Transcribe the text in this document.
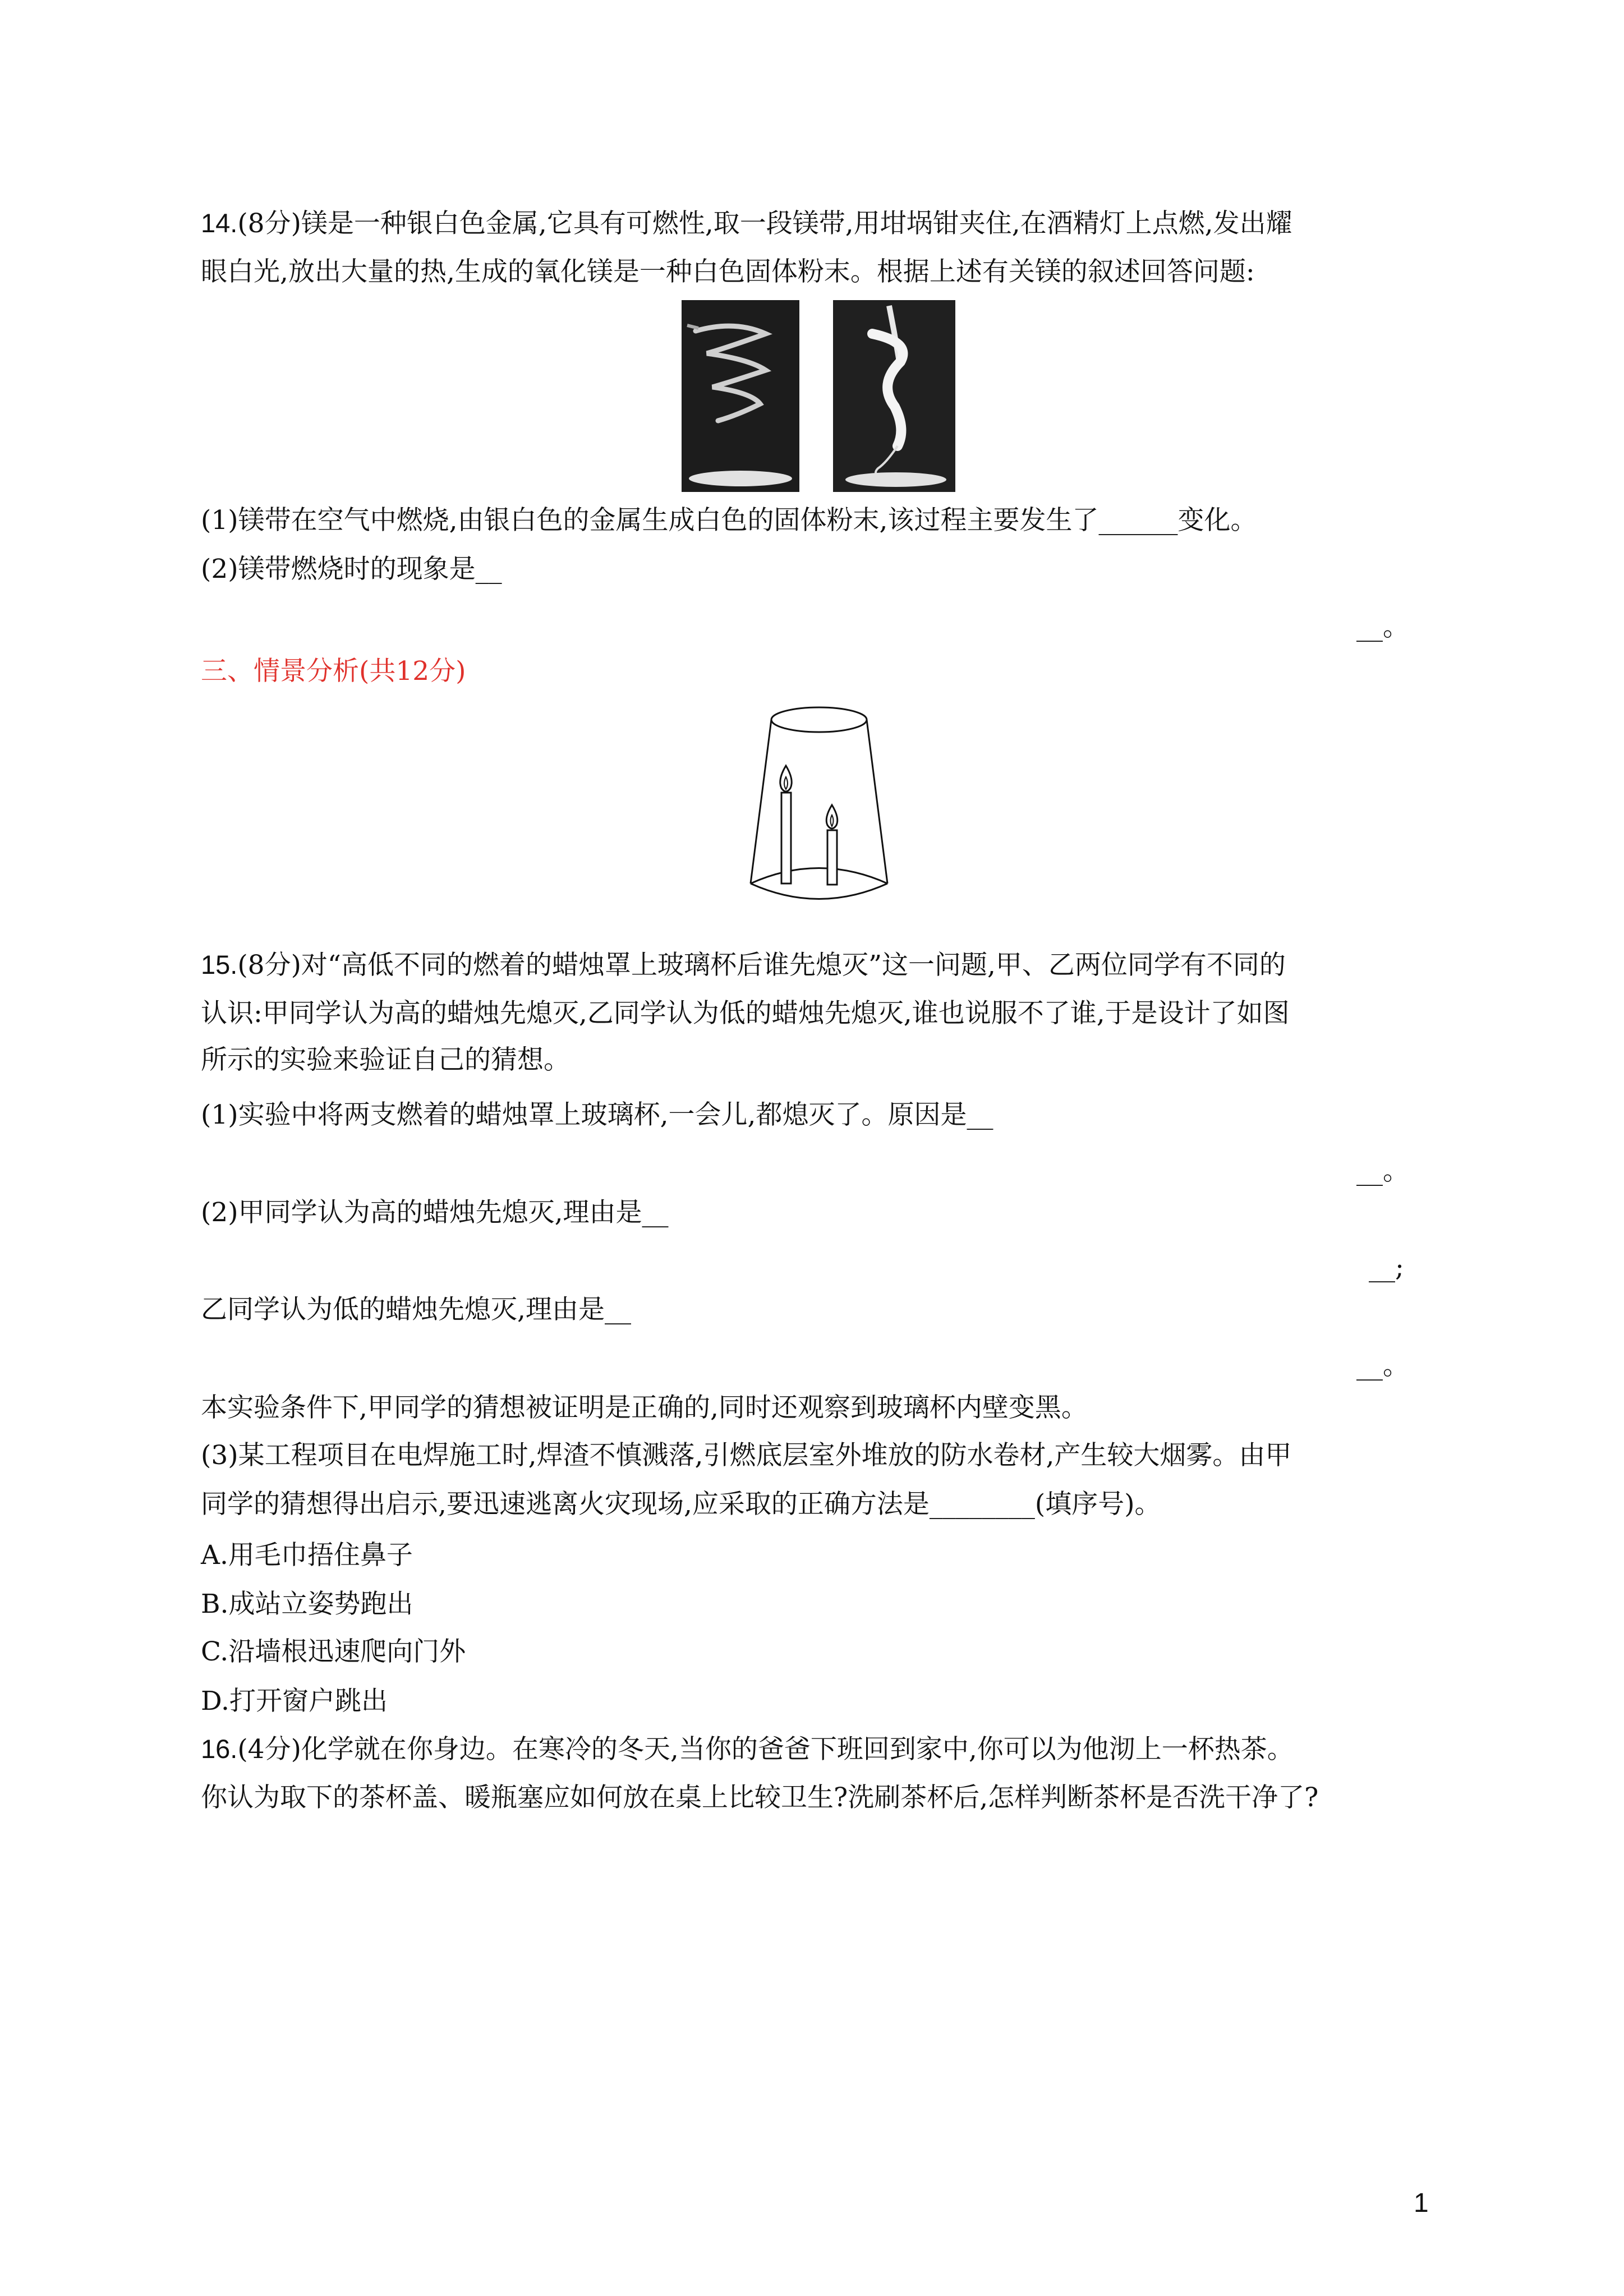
14.(8分)镁是一种银白色金属,它具有可燃性,取一段镁带,用坩埚钳夹住,在酒精灯上点燃,发出耀
眼白光,放出大量的热,生成的氧化镁是一种白色固体粉末。根据上述有关镁的叙述回答问题:
(1)镁带在空气中燃烧,由银白色的金属生成白色的固体粉末,该过程主要发生了______变化。
(2)镁带燃烧时的现象是__
__。
三、情景分析(共12分)
15.(8分)对“高低不同的燃着的蜡烛罩上玻璃杯后谁先熄灭”这一问题,甲、乙两位同学有不同的
认识:甲同学认为高的蜡烛先熄灭,乙同学认为低的蜡烛先熄灭,谁也说服不了谁,于是设计了如图
所示的实验来验证自己的猜想。
(1)实验中将两支燃着的蜡烛罩上玻璃杯,一会儿,都熄灭了。原因是__
__。
(2)甲同学认为高的蜡烛先熄灭,理由是__
__;
乙同学认为低的蜡烛先熄灭,理由是__
__。
本实验条件下,甲同学的猜想被证明是正确的,同时还观察到玻璃杯内壁变黑。
(3)某工程项目在电焊施工时,焊渣不慎溅落,引燃底层室外堆放的防水卷材,产生较大烟雾。由甲
同学的猜想得出启示,要迅速逃离火灾现场,应采取的正确方法是________(填序号)。
A.用毛巾捂住鼻子
B.成站立姿势跑出
C.沿墙根迅速爬向门外
D.打开窗户跳出
16.(4分)化学就在你身边。在寒冷的冬天,当你的爸爸下班回到家中,你可以为他沏上一杯热茶。
你认为取下的茶杯盖、暖瓶塞应如何放在桌上比较卫生?洗刷茶杯后,怎样判断茶杯是否洗干净了?
1
